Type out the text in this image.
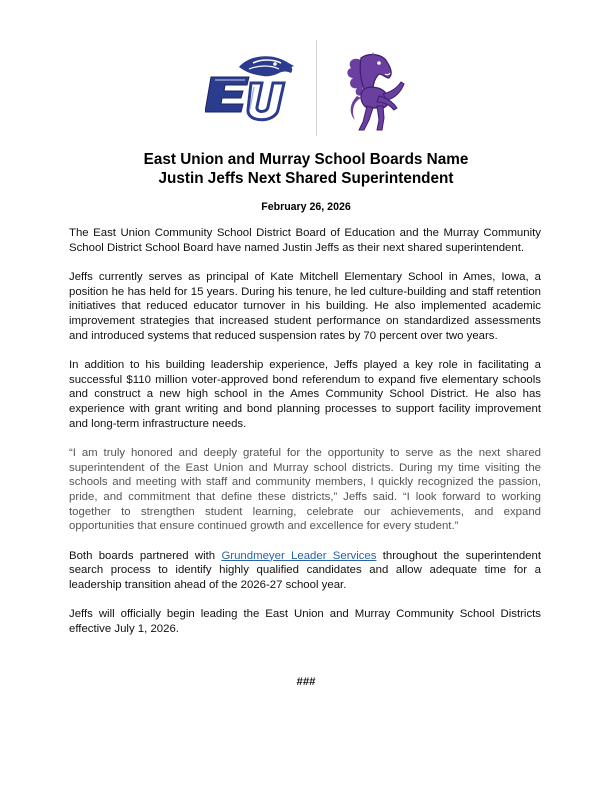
East Union and Murray School Boards Name
Justin Jeffs Next Shared Superintendent
February 26, 2026

The East Union Community School District Board of Education and the Murray Community School District School Board have named Justin Jeffs as their next shared superintendent.

Jeffs currently serves as principal of Kate Mitchell Elementary School in Ames, Iowa, a position he has held for 15 years. During his tenure, he led culture-building and staff retention initiatives that reduced educator turnover in his building. He also implemented academic improvement strategies that increased student performance on standardized assessments and introduced systems that reduced suspension rates by 70 percent over two years.

In addition to his building leadership experience, Jeffs played a key role in facilitating a successful $110 million voter-approved bond referendum to expand five elementary schools and construct a new high school in the Ames Community School District. He also has experience with grant writing and bond planning processes to support facility improvement and long-term infrastructure needs.

“I am truly honored and deeply grateful for the opportunity to serve as the next shared superintendent of the East Union and Murray school districts. During my time visiting the schools and meeting with staff and community members, I quickly recognized the passion, pride, and commitment that define these districts,” Jeffs said. “I look forward to working together to strengthen student learning, celebrate our achievements, and expand opportunities that ensure continued growth and excellence for every student.”

Both boards partnered with Grundmeyer Leader Services throughout the superintendent search process to identify highly qualified candidates and allow adequate time for a leadership transition ahead of the 2026-27 school year.

Jeffs will officially begin leading the East Union and Murray Community School Districts effective July 1, 2026.

###
